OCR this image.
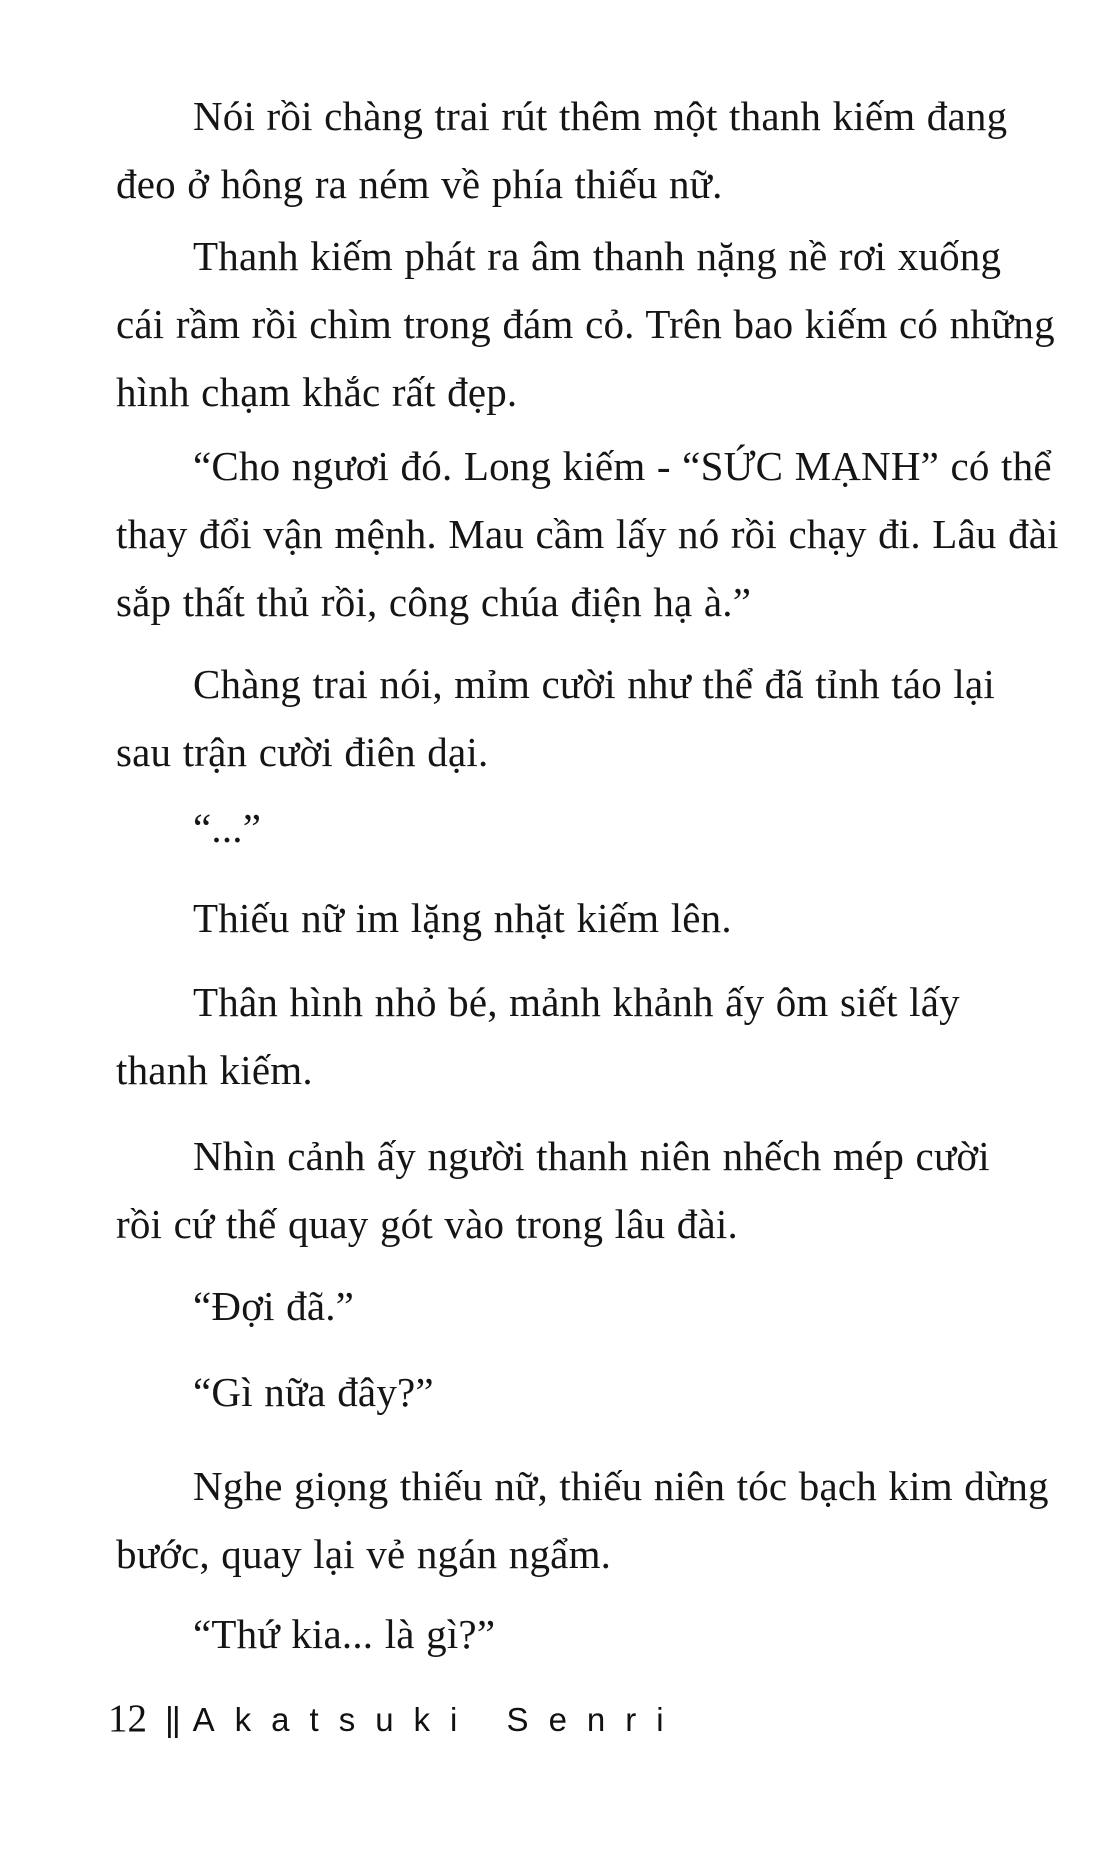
Nói rồi chàng trai rút thêm một thanh kiếm đang
đeo ở hông ra ném về phía thiếu nữ.

Thanh kiếm phát ra âm thanh nặng nề rơi xuống
cái rầm rồi chìm trong đám cỏ. Trên bao kiếm có những
hình chạm khắc rất đẹp.

“Cho ngươi đó. Long kiếm - “SỨC MẠNH” có thể
thay đổi vận mệnh. Mau cầm lấy nó rồi chạy đi. Lâu đài
sắp thất thủ rồi, công chúa điện hạ à.”

Chàng trai nói, mỉm cười như thể đã tỉnh táo lại
sau trận cười điên dại.

“...”

Thiếu nữ im lặng nhặt kiếm lên.

Thân hình nhỏ bé, mảnh khảnh ấy ôm siết lấy
thanh kiếm.

Nhìn cảnh ấy người thanh niên nhếch mép cười
rồi cứ thế quay gót vào trong lâu đài.

“Đợi đã.”

“Gì nữa đây?”

Nghe giọng thiếu nữ, thiếu niên tóc bạch kim dừng
bước, quay lại vẻ ngán ngẩm.

“Thứ kia... là gì?”

12 || Akatsuki Senri
